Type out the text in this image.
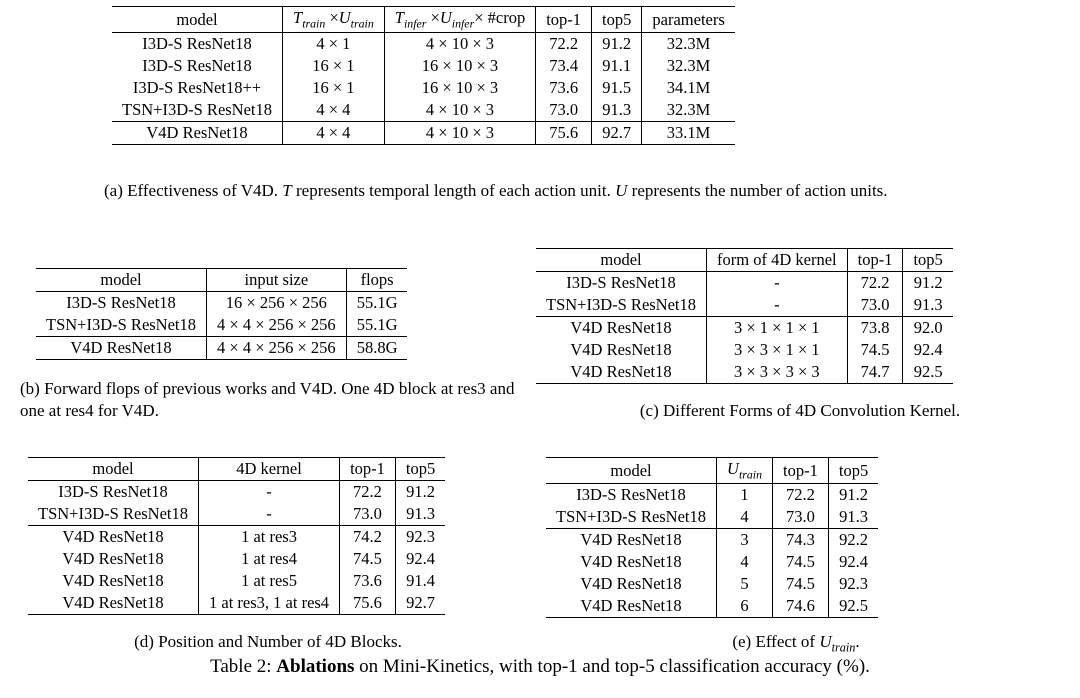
model	$T_{train} \times U_{train}$	$T_{infer} \times U_{infer}\times$ #crop	top-1	top5	parameters
I3D-S ResNet18	4 × 1	4 × 10 × 3	72.2	91.2	32.3M
I3D-S ResNet18	16 × 1	16 × 10 × 3	73.4	91.1	32.3M
I3D-S ResNet18++	16 × 1	16 × 10 × 3	73.6	91.5	34.1M
TSN+I3D-S ResNet18	4 × 4	4 × 10 × 3	73.0	91.3	32.3M
V4D ResNet18	4 × 4	4 × 10 × 3	75.6	92.7	33.1M
(a) Effectiveness of V4D. T represents temporal length of each action unit. U represents the number of action units.
model	input size	flops
I3D-S ResNet18	16 × 256 × 256	55.1G
TSN+I3D-S ResNet18	4 × 4 × 256 × 256	55.1G
V4D ResNet18	4 × 4 × 256 × 256	58.8G
(b) Forward flops of previous works and V4D. One 4D block at res3 and one at res4 for V4D.
model	form of 4D kernel	top-1	top5
I3D-S ResNet18	-	72.2	91.2
TSN+I3D-S ResNet18	-	73.0	91.3
V4D ResNet18	3 × 1 × 1 × 1	73.8	92.0
V4D ResNet18	3 × 3 × 1 × 1	74.5	92.4
V4D ResNet18	3 × 3 × 3 × 3	74.7	92.5
(c) Different Forms of 4D Convolution Kernel.
model	4D kernel	top-1	top5
I3D-S ResNet18	-	72.2	91.2
TSN+I3D-S ResNet18	-	73.0	91.3
V4D ResNet18	1 at res3	74.2	92.3
V4D ResNet18	1 at res4	74.5	92.4
V4D ResNet18	1 at res5	73.6	91.4
V4D ResNet18	1 at res3, 1 at res4	75.6	92.7
(d) Position and Number of 4D Blocks.
model	$U_{train}$	top-1	top5
I3D-S ResNet18	1	72.2	91.2
TSN+I3D-S ResNet18	4	73.0	91.3
V4D ResNet18	3	74.3	92.2
V4D ResNet18	4	74.5	92.4
V4D ResNet18	5	74.5	92.3
V4D ResNet18	6	74.6	92.5
(e) Effect of $U_{train}$.
Table 2: Ablations on Mini-Kinetics, with top-1 and top-5 classification accuracy (%).
